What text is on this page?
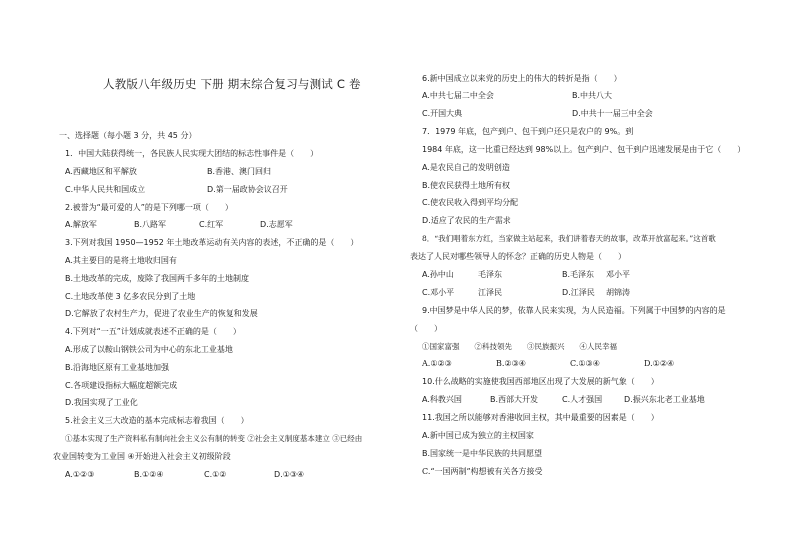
人教版八年级历史 下册 期末综合复习与测试 C 卷
一、选择题（每小题 3 分，共 45 分）
1．中国大陆获得统一，各民族人民实现大团结的标志性事件是（　　）
A.西藏地区和平解放	B.香港、澳门回归
C.中华人民共和国成立	D.第一届政协会议召开
2.被誉为“最可爱的人”的是下列哪一项（　　）
A.解放军	B.八路军	C.红军	D.志愿军
3.下列对我国 1950—1952 年土地改革运动有关内容的表述，不正确的是（　　）
A.其主要目的是将土地收归国有
B.土地改革的完成，废除了我国两千多年的土地制度
C.土地改革使 3 亿多农民分到了土地
D.它解放了农村生产力，促进了农业生产的恢复和发展
4.下列对“一五”计划成就表述不正确的是（　　）
A.形成了以鞍山钢铁公司为中心的东北工业基地
B.沿海地区原有工业基地加强
C.各项建设指标大幅度超额完成
D.我国实现了工业化
5.社会主义三大改造的基本完成标志着我国（　　）
①基本实现了生产资料私有制向社会主义公有制的转变 ②社会主义制度基本建立 ③已经由
农业国转变为工业国 ④开始进入社会主义初级阶段
A.①②③	B.①②④	C.①②	D.①③④
6.新中国成立以来党的历史上的伟大的转折是指（　　）
A.中共七届二中全会	B.中共八大
C.开国大典	D.中共十一届三中全会
7．1979 年底，包产到户、包干到户还只是农户的 9%。到
1984 年底，这一比重已经达到 98%以上。包产到户、包干到户迅速发展是由于它（　　）
A.是农民自己的发明创造
B.使农民获得土地所有权
C.使农民收入得到平均分配
D.适应了农民的生产需求
8．“我们唱着东方红，当家做主站起来，我们讲着春天的故事，改革开放富起来。”这首歌
表达了人民对哪些领导人的怀念？正确的历史人物是（　　）
A.孙中山	毛泽东	B.毛泽东 邓小平
C.邓小平	江泽民	D.江泽民 胡锦涛
9.中国梦是中华人民的梦，依靠人民来实现，为人民造福。下列属于中国梦的内容的是
（　　）
①国家富强　　②科技领先　　③民族振兴　　④人民幸福
A.①②③	B.②③④	C.①③④	D.①②④
10.什么战略的实施使我国西部地区出现了大发展的新气象（　　）
A.科教兴国	B.西部大开发	C.人才强国	D.振兴东北老工业基地
11.我国之所以能够对香港收回主权，其中最重要的因素是（　　）
A.新中国已成为独立的主权国家
B.国家统一是中华民族的共同愿望
C.“一国两制”构想被有关各方接受
